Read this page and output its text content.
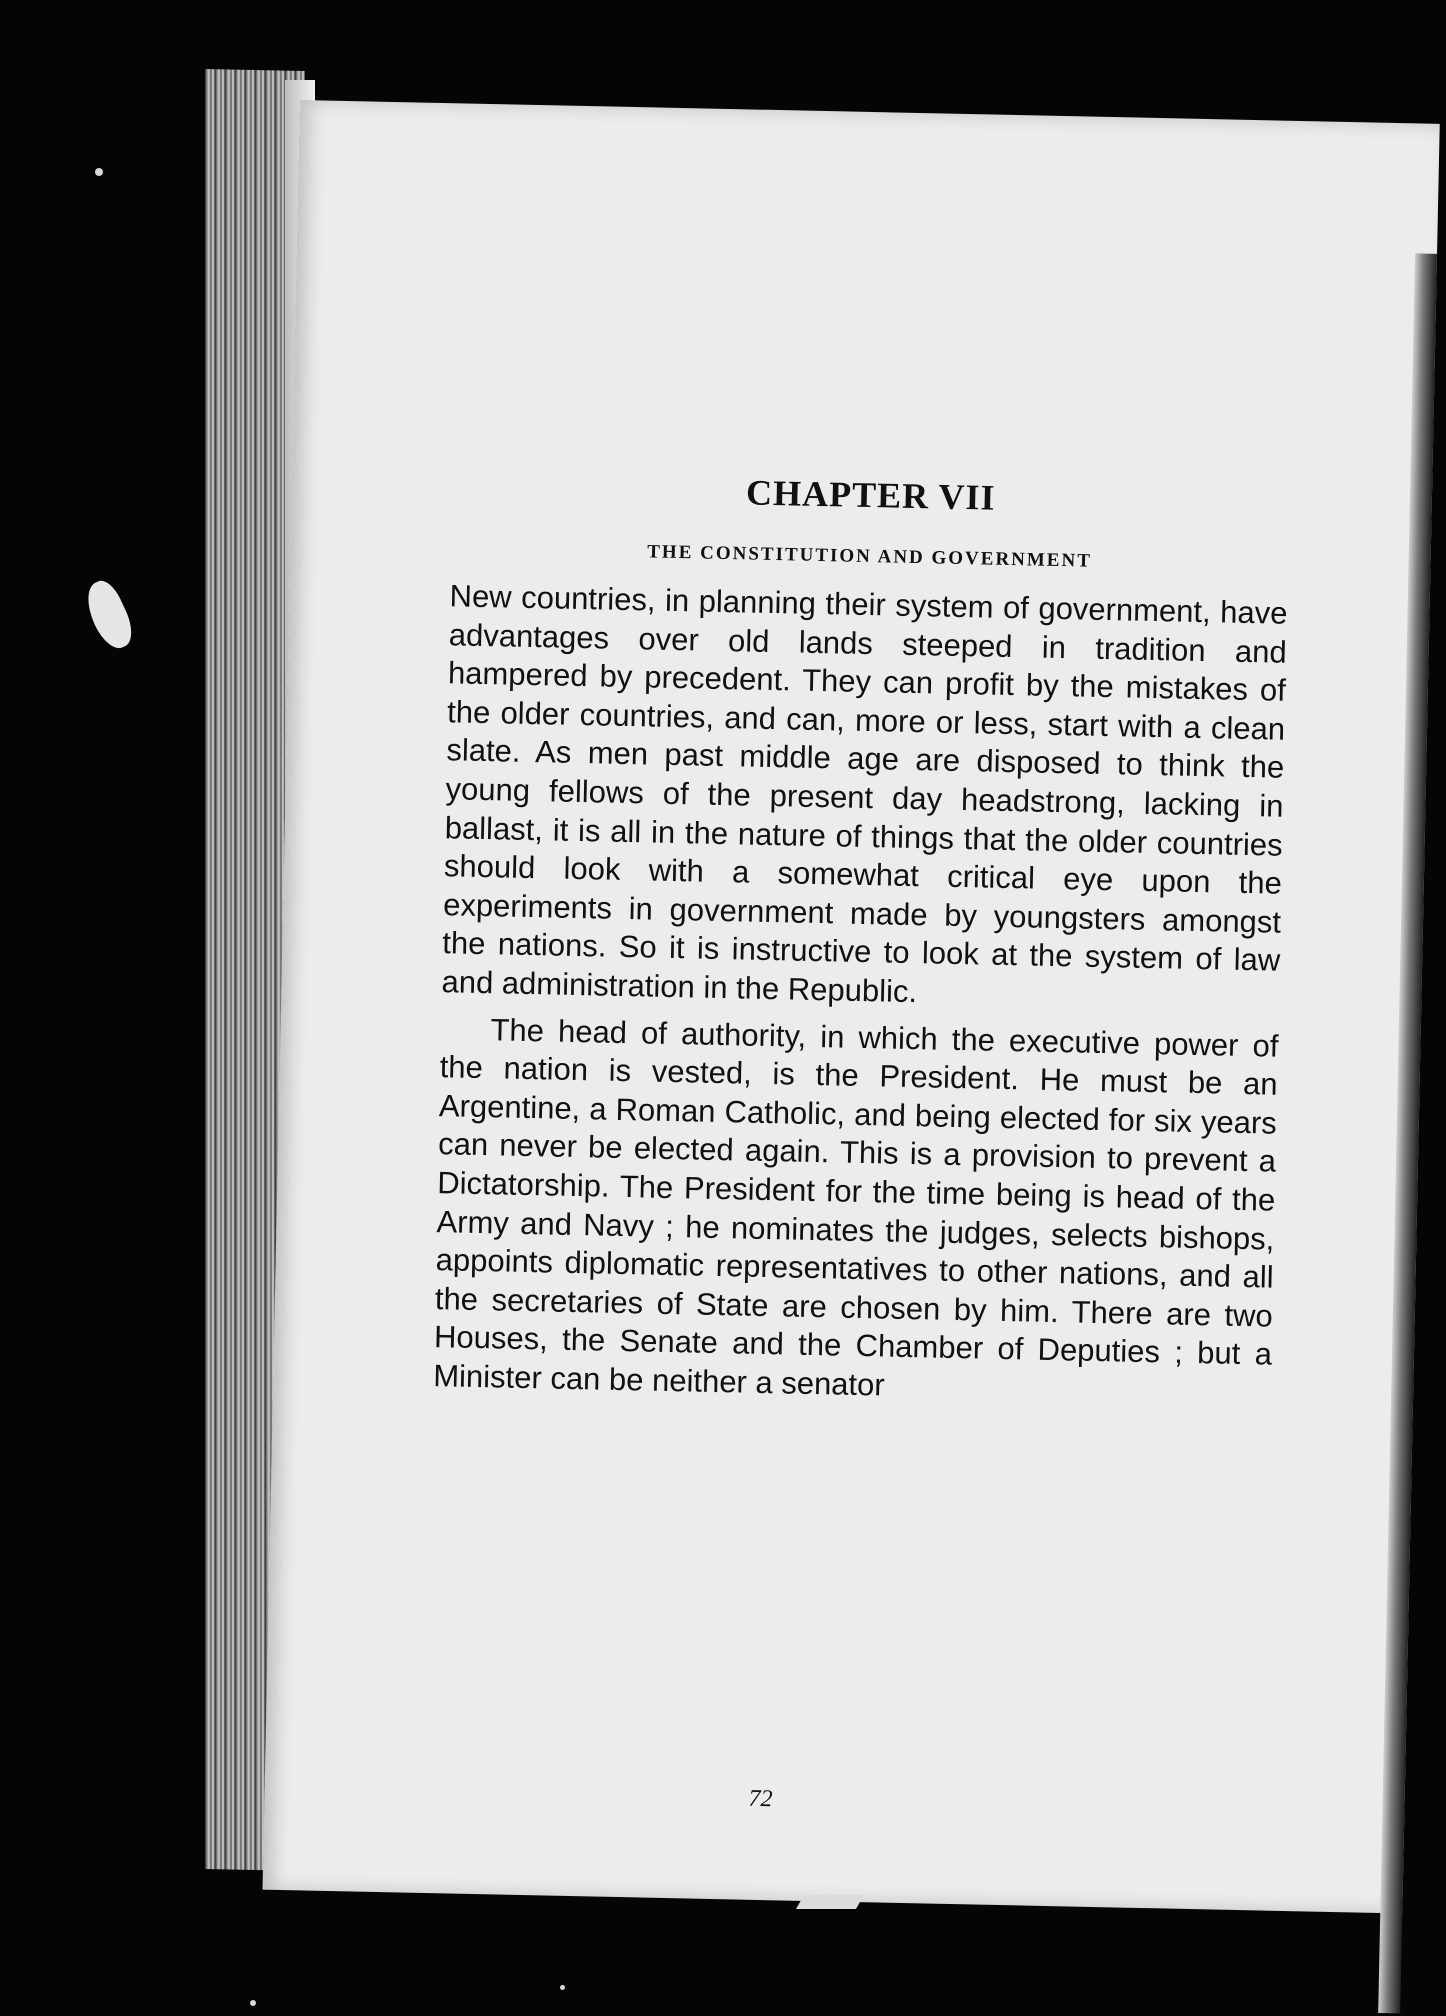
CHAPTER VII
THE CONSTITUTION AND GOVERNMENT

New countries, in planning their system of government, have advantages over old lands steeped in tradition and hampered by precedent. They can profit by the mistakes of the older countries, and can, more or less, start with a clean slate. As men past middle age are disposed to think the young fellows of the present day headstrong, lacking in ballast, it is all in the nature of things that the older countries should look with a somewhat critical eye upon the experiments in government made by youngsters amongst the nations. So it is instructive to look at the system of law and administration in the Republic.

The head of authority, in which the executive power of the nation is vested, is the President. He must be an Argentine, a Roman Catholic, and being elected for six years can never be elected again. This is a provision to prevent a Dictatorship. The President for the time being is head of the Army and Navy ; he nominates the judges, selects bishops, appoints diplomatic representatives to other nations, and all the secretaries of State are chosen by him. There are two Houses, the Senate and the Chamber of Deputies ; but a Minister can be neither a senator

72
